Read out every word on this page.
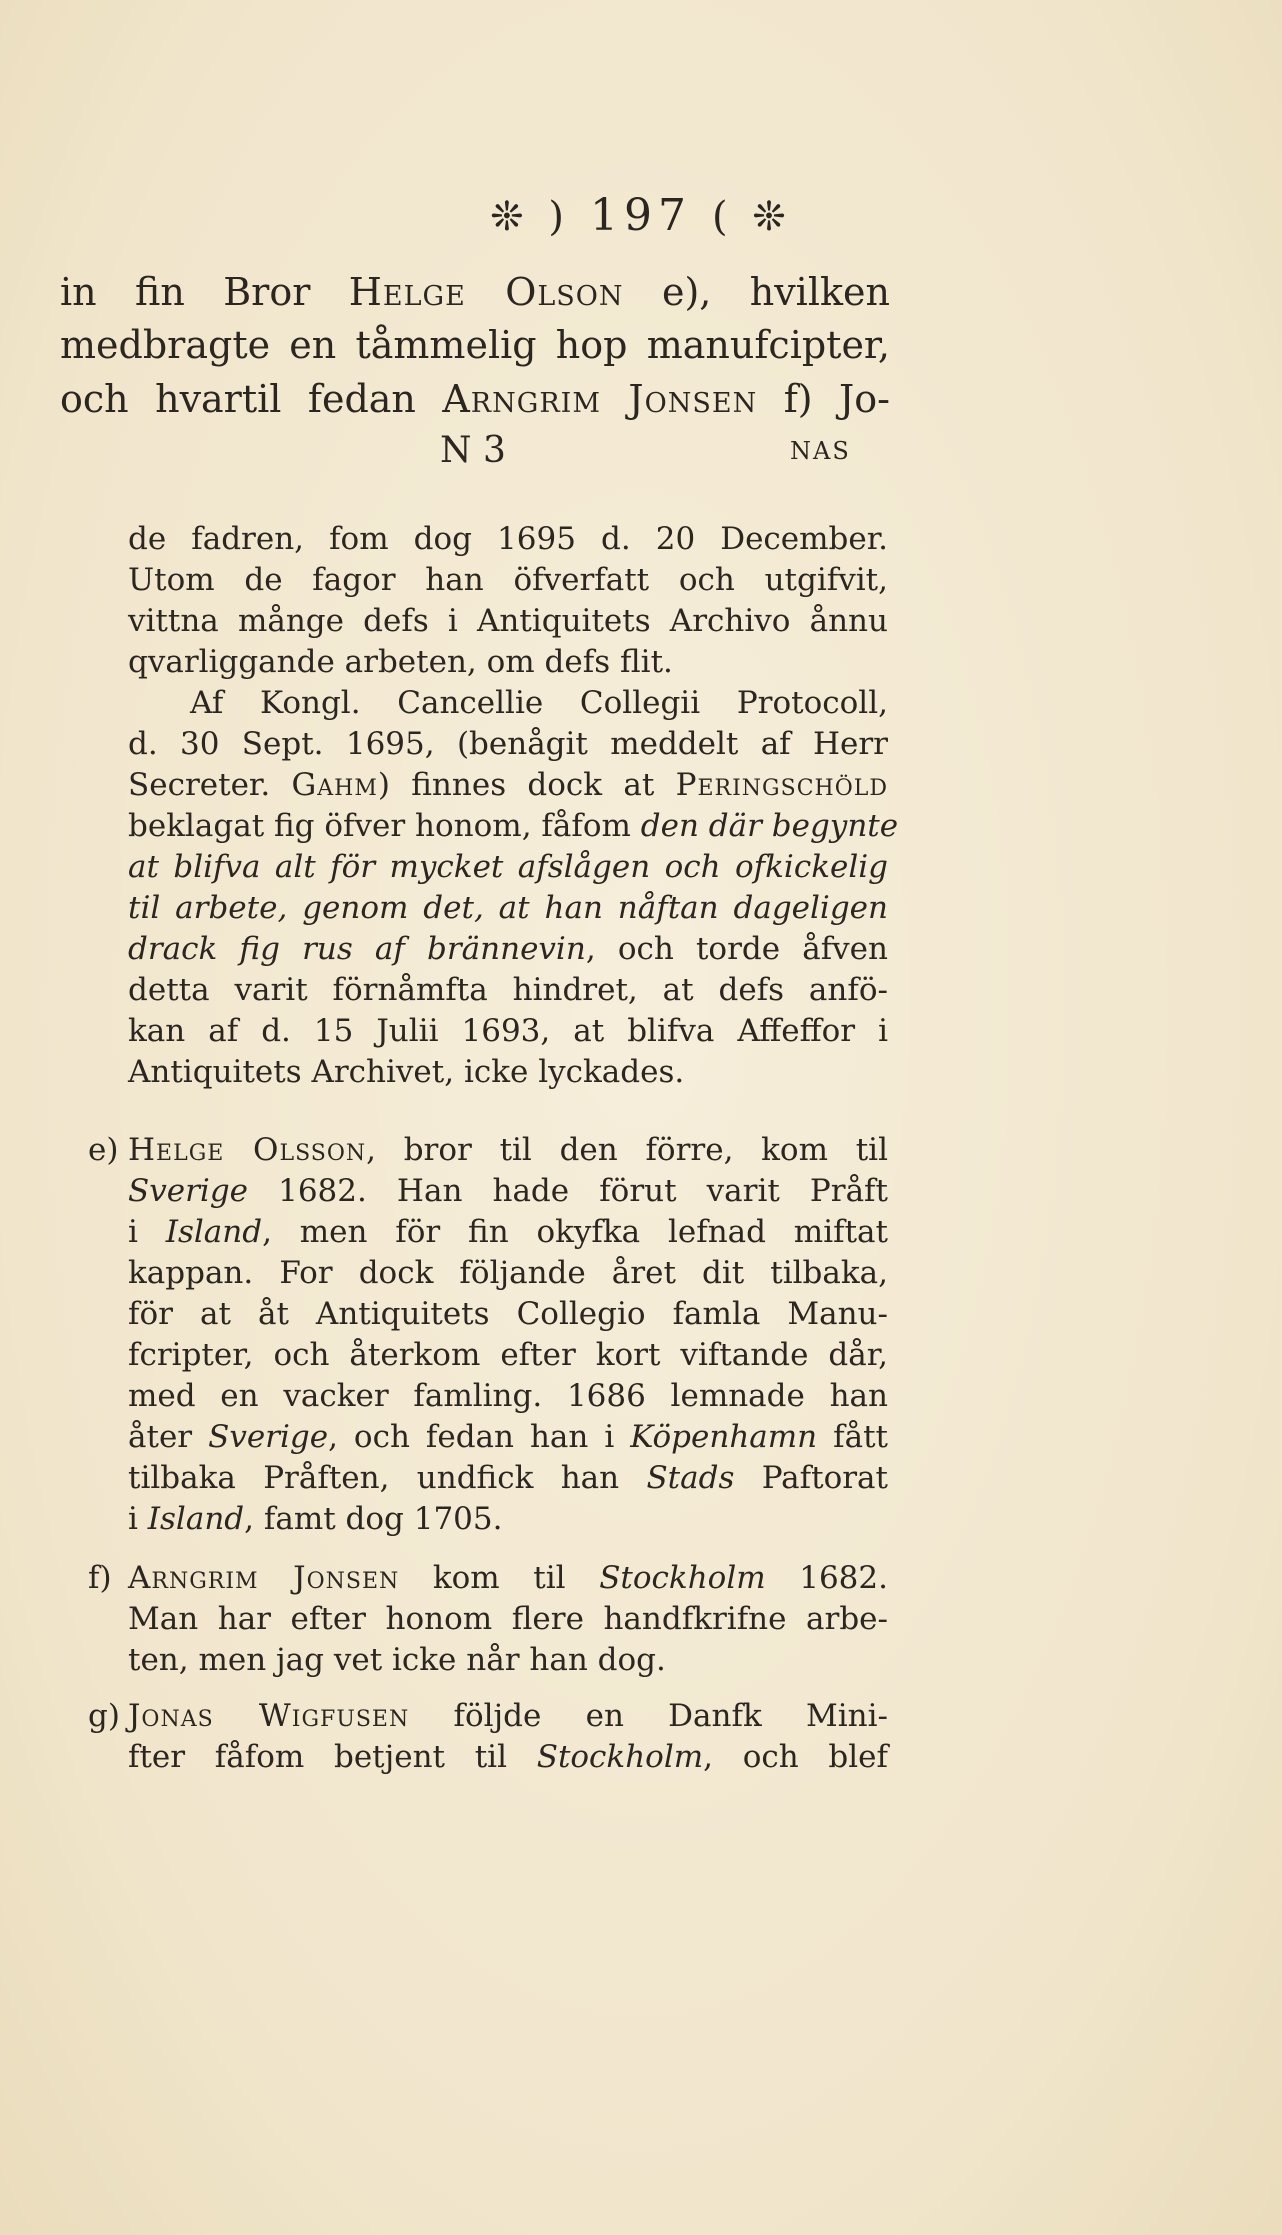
❊ ) 197 ( ❊
in fin Bror Helge Olson e), hvilken
medbragte en tåmmelig hop manufcipter,
och hvartil fedan Arngrim Jonsen f) Jo-
N 3	NAS
de fadren, fom dog 1695 d. 20 December.
Utom de fagor han öfverfatt och utgifvit,
vittna månge defs i Antiquitets Archivo ånnu
qvarliggande arbeten, om defs flit.
Af Kongl. Cancellie Collegii Protocoll,
d. 30 Sept. 1695, (benågit meddelt af Herr
Secreter. Gahm) finnes dock at Peringschöld
beklagat fig öfver honom, fåfom den där begynte
at blifva alt för mycket afslågen och ofkickelig
til arbete, genom det, at han nåftan dageligen
drack fig rus af brännevin, och torde åfven
detta varit förnåmfta hindret, at defs anfö-
kan af d. 15 Julii 1693, at blifva Affeffor i
Antiquitets Archivet, icke lyckades.
e) Helge Olsson, bror til den förre, kom til
Sverige 1682. Han hade förut varit Pråft
i Island, men för fin okyfka lefnad miftat
kappan. For dock följande året dit tilbaka,
för at åt Antiquitets Collegio famla Manu-
fcripter, och återkom efter kort viftande dår,
med en vacker famling. 1686 lemnade han
åter Sverige, och fedan han i Köpenhamn fått
tilbaka Pråften, undfick han Stads Paftorat
i Island, famt dog 1705.
f) Arngrim Jonsen kom til Stockholm 1682.
Man har efter honom flere handfkrifne arbe-
ten, men jag vet icke når han dog.
g) Jonas Wigfusen följde en Danfk Mini-
fter fåfom betjent til Stockholm, och blef
